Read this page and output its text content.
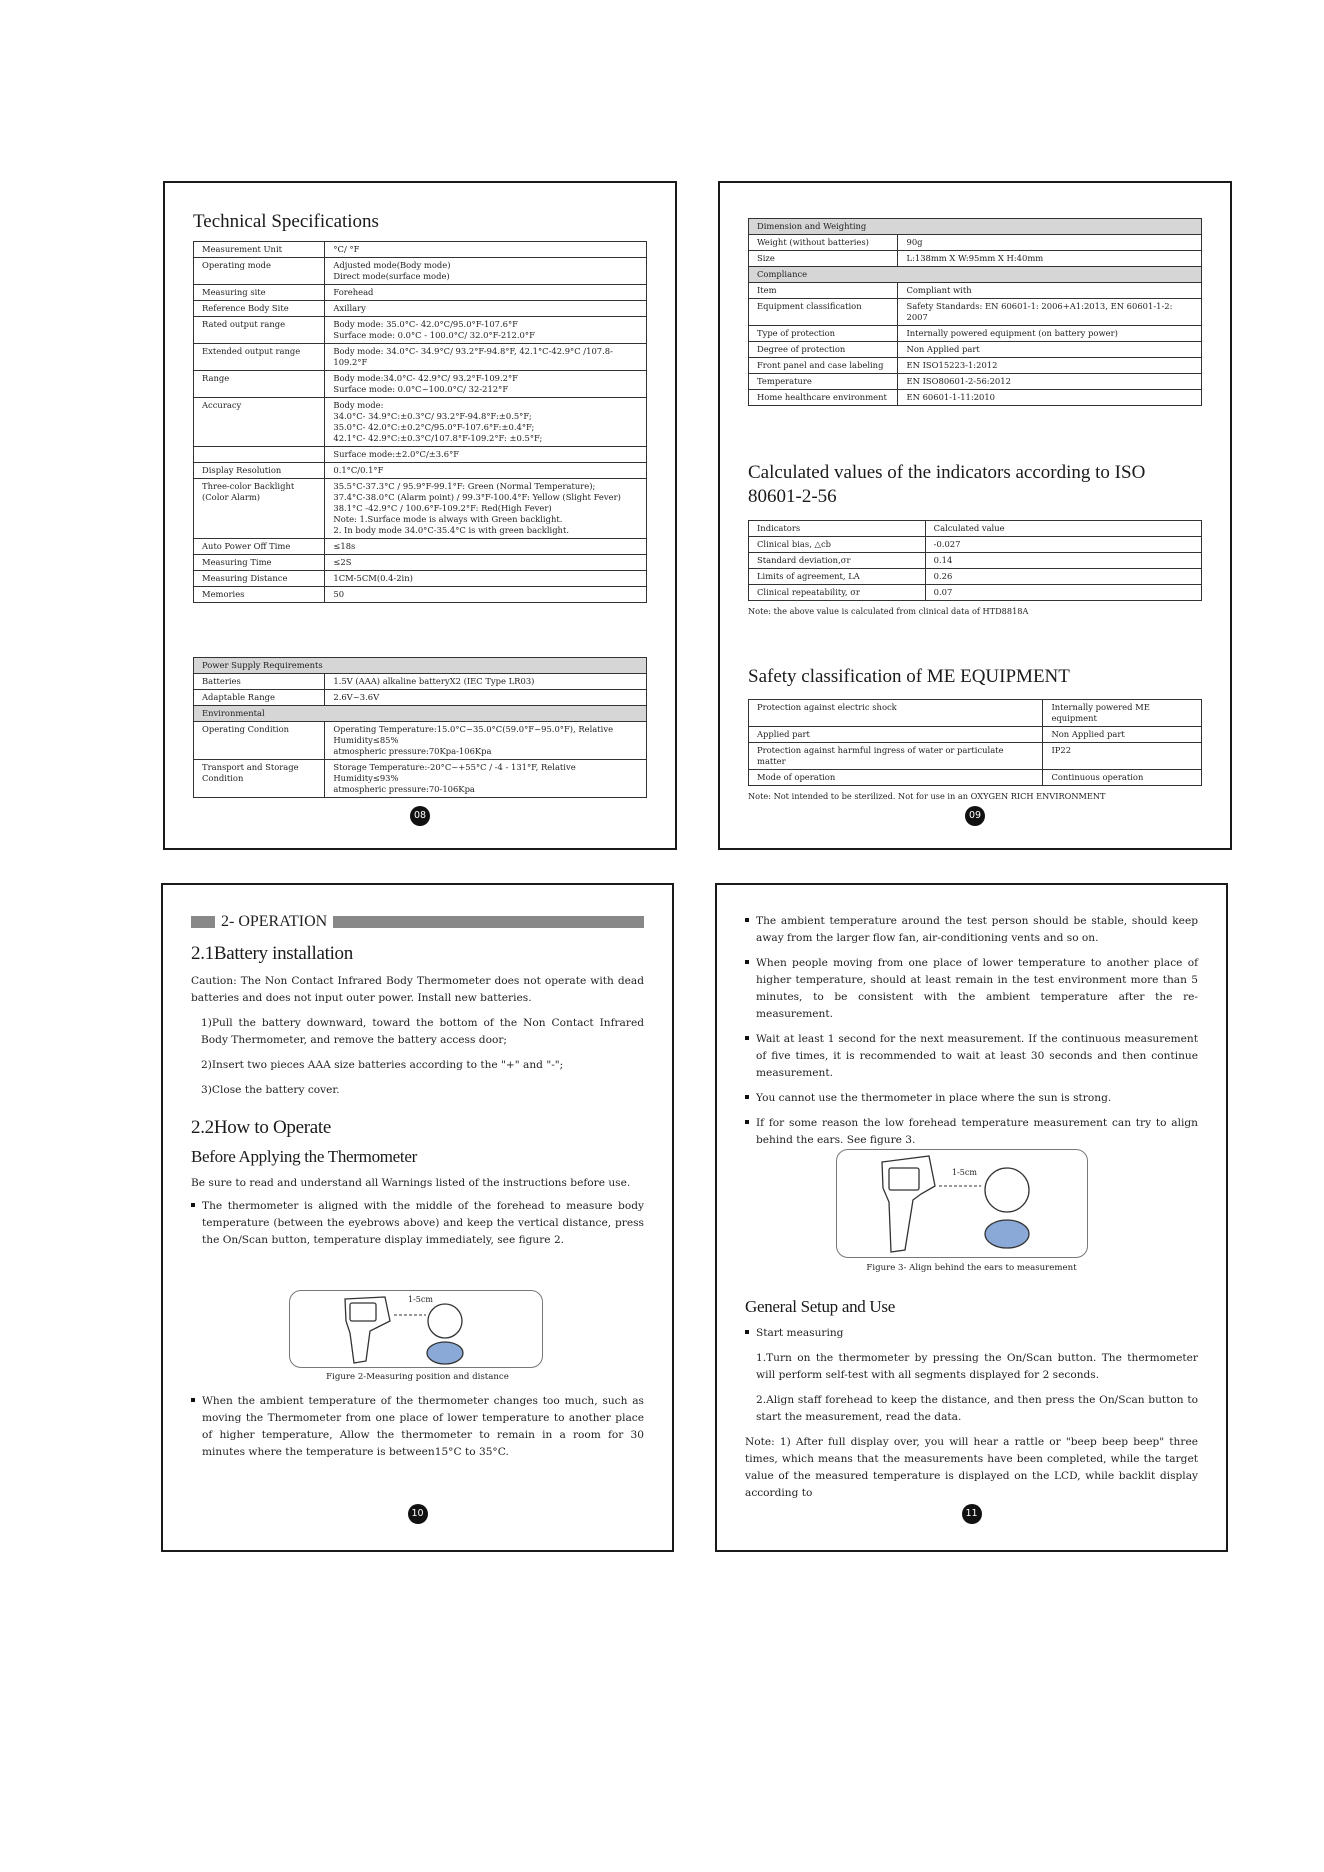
Technical Specifications
Measurement Unit	°C/ °F
Operating mode	Adjusted mode(Body mode)
Direct mode(surface mode)
Measuring site	Forehead
Reference Body Site	Axillary
Rated output range	Body mode: 35.0°C- 42.0°C/95.0°F-107.6°F
Surface mode: 0.0°C - 100.0°C/ 32.0°F-212.0°F
Extended output range	Body mode: 34.0°C- 34.9°C/ 93.2°F-94.8°F, 42.1°C-42.9°C /107.8-109.2°F
Range	Body mode:34.0°C- 42.9°C/ 93.2°F-109.2°F
Surface mode: 0.0°C~100.0°C/ 32-212°F
Accuracy	Body mode:
34.0°C- 34.9°C:±0.3°C/ 93.2°F-94.8°F:±0.5°F;
35.0°C- 42.0°C:±0.2°C/95.0°F-107.6°F:±0.4°F;
42.1°C- 42.9°C:±0.3°C/107.8°F-109.2°F: ±0.5°F;
	Surface mode:±2.0°C/±3.6°F
Display Resolution	0.1°C/0.1°F
Three-color Backlight
(Color Alarm)	35.5°C-37.3°C / 95.9°F-99.1°F: Green (Normal Temperature);
37.4°C-38.0°C (Alarm point) / 99.3°F-100.4°F: Yellow (Slight Fever)
38.1°C -42.9°C / 100.6°F-109.2°F: Red(High Fever)
Note: 1.Surface mode is always with Green backlight.
2. In body mode 34.0°C-35.4°C is with green backlight.
Auto Power Off Time	≤18s
Measuring Time	≤2S
Measuring Distance	1CM-5CM(0.4-2in)
Memories	50
Power Supply Requirements	
Batteries	1.5V (AAA) alkaline batteryX2 (IEC Type LR03)
Adaptable Range	2.6V~3.6V
Environmental	
Operating Condition	Operating Temperature:15.0°C~35.0°C(59.0°F~95.0°F), Relative Humidity≤85%
atmospheric pressure:70Kpa-106Kpa
Transport and Storage
Condition	Storage Temperature:-20°C~+55°C / -4 - 131°F, Relative Humidity≤93%
atmospheric pressure:70-106Kpa
08
Dimension and Weighting	
Weight (without batteries)	90g
Size	L:138mm X W:95mm X H:40mm
Compliance	
Item	Compliant with
Equipment classification	Safety Standards: EN 60601-1: 2006+A1:2013, EN 60601-1-2: 2007
Type of protection	Internally powered equipment (on battery power)
Degree of protection	Non Applied part
Front panel and case labeling	EN ISO15223-1:2012
Temperature	EN ISO80601-2-56:2012
Home healthcare environment	EN 60601-1-11:2010
Calculated values of the indicators according to ISO 80601-2-56
Indicators	Calculated value
Clinical bias, △cb	-0.027
Standard deviation,σr	0.14
Limits of agreement, LA	0.26
Clinical repeatability, σr	0.07
Note: the above value is calculated from clinical data of HTD8818A
Safety classification of ME EQUIPMENT
Protection against electric shock	Internally powered ME equipment
Applied part	Non Applied part
Protection against harmful ingress of water or particulate matter	IP22
Mode of operation	Continuous operation
Note: Not intended to be sterilized. Not for use in an OXYGEN RICH ENVIRONMENT
09
2- OPERATION
2.1Battery installation

Caution: The Non Contact Infrared Body Thermometer does not operate with dead batteries and does not input outer power. Install new batteries.

1)Pull the battery downward, toward the bottom of the Non Contact Infrared Body Thermometer, and remove the battery access door;

2)Insert two pieces AAA size batteries according to the "+" and "-";

3)Close the battery cover.

2.2How to Operate
Before Applying the Thermometer

Be sure to read and understand all Warnings listed of the instructions before use.

The thermometer is aligned with the middle of the forehead to measure body temperature (between the eyebrows above) and keep the vertical distance, press the On/Scan button, temperature display immediately, see figure 2.

1-5cm
Figure 2-Measuring position and distance

When the ambient temperature of the thermometer changes too much, such as moving the Thermometer from one place of lower temperature to another place of higher temperature, Allow the thermometer to remain in a room for 30 minutes where the temperature is between15°C to 35°C.

10

The ambient temperature around the test person should be stable, should keep away from the larger flow fan, air-conditioning vents and so on.

When people moving from one place of lower temperature to another place of higher temperature, should at least remain in the test environment more than 5 minutes, to be consistent with the ambient temperature after the re-measurement.

Wait at least 1 second for the next measurement. If the continuous measurement of five times, it is recommended to wait at least 30 seconds and then continue measurement.

You cannot use the thermometer in place where the sun is strong.

If for some reason the low forehead temperature measurement can try to align behind the ears. See figure 3.

1-5cm
Figure 3- Align behind the ears to measurement
General Setup and Use

Start measuring

1.Turn on the thermometer by pressing the On/Scan button. The thermometer will perform self-test with all segments displayed for 2 seconds.

2.Align staff forehead to keep the distance, and then press the On/Scan button to start the measurement, read the data.

Note: 1) After full display over, you will hear a rattle or "beep beep beep" three times, which means that the measurements have been completed, while the target value of the measured temperature is displayed on the LCD, while backlit display according to

11
